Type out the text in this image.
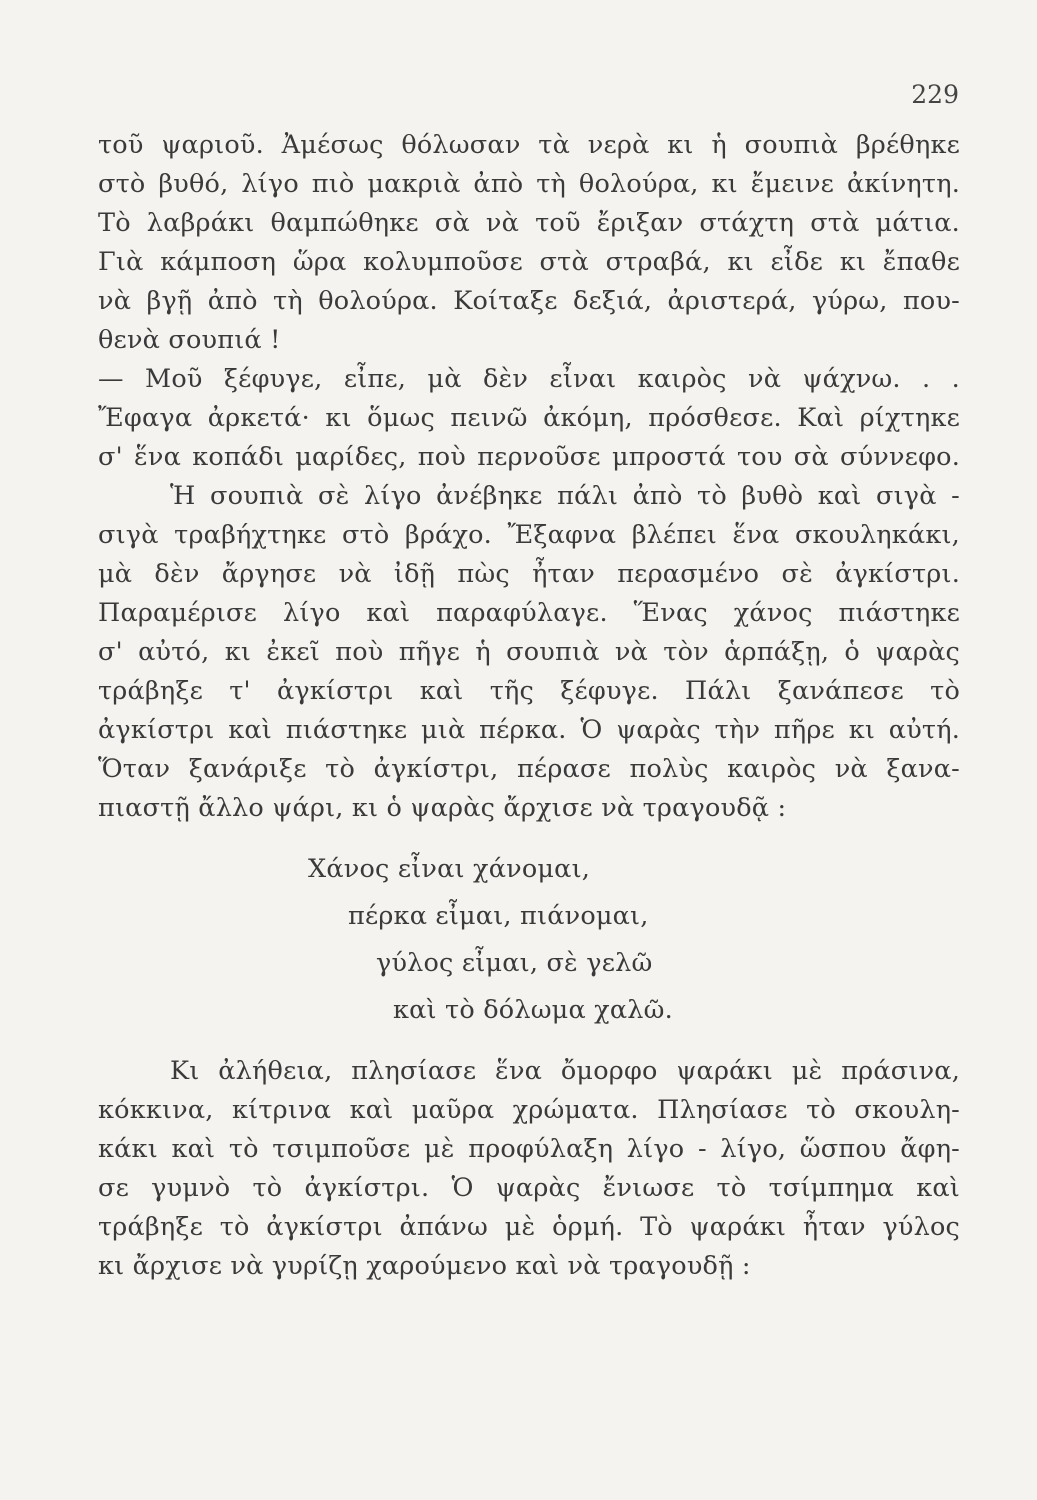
229
τοῦ ψαριοῦ. Ἀμέσως θόλωσαν τὰ νερὰ κι ἡ σουπιὰ βρέθηκε
στὸ βυθό, λίγο πιὸ μακριὰ ἀπὸ τὴ θολούρα, κι ἔμεινε ἀκίνητη.
Τὸ λαβράκι θαμπώθηκε σὰ νὰ τοῦ ἔριξαν στάχτη στὰ μάτια.
Γιὰ κάμποση ὥρα κολυμποῦσε στὰ στραβά, κι εἶδε κι ἔπαθε
νὰ βγῇ ἀπὸ τὴ θολούρα. Κοίταξε δεξιά, ἀριστερά, γύρω, που-
θενὰ σουπιά !
— Μοῦ ξέφυγε, εἶπε, μὰ δὲν εἶναι καιρὸς νὰ ψάχνω. . .
Ἔφαγα ἀρκετά· κι ὅμως πεινῶ ἀκόμη, πρόσθεσε. Καὶ ρίχτηκε
σ' ἕνα κοπάδι μαρίδες, ποὺ περνοῦσε μπροστά του σὰ σύννεφο.
Ἡ σουπιὰ σὲ λίγο ἀνέβηκε πάλι ἀπὸ τὸ βυθὸ καὶ σιγὰ -
σιγὰ τραβήχτηκε στὸ βράχο. Ἔξαφνα βλέπει ἕνα σκουληκάκι,
μὰ δὲν ἄργησε νὰ ἰδῇ πὼς ἦταν περασμένο σὲ ἀγκίστρι.
Παραμέρισε λίγο καὶ παραφύλαγε. Ἕνας χάνος πιάστηκε
σ' αὐτό, κι ἐκεῖ ποὺ πῆγε ἡ σουπιὰ νὰ τὸν ἁρπάξῃ, ὁ ψαρὰς
τράβηξε τ' ἀγκίστρι καὶ τῆς ξέφυγε. Πάλι ξανάπεσε τὸ
ἀγκίστρι καὶ πιάστηκε μιὰ πέρκα. Ὁ ψαρὰς τὴν πῆρε κι αὐτή.
Ὅταν ξανάριξε τὸ ἀγκίστρι, πέρασε πολὺς καιρὸς νὰ ξανα-
πιαστῇ ἄλλο ψάρι, κι ὁ ψαρὰς ἄρχισε νὰ τραγουδᾷ :
Χάνος εἶναι χάνομαι,
πέρκα εἶμαι, πιάνομαι,
γύλος εἶμαι, σὲ γελῶ
καὶ τὸ δόλωμα χαλῶ.
Κι ἀλήθεια, πλησίασε ἕνα ὄμορφο ψαράκι μὲ πράσινα,
κόκκινα, κίτρινα καὶ μαῦρα χρώματα. Πλησίασε τὸ σκουλη-
κάκι καὶ τὸ τσιμποῦσε μὲ προφύλαξη λίγο - λίγο, ὥσπου ἄφη-
σε γυμνὸ τὸ ἀγκίστρι. Ὁ ψαρὰς ἔνιωσε τὸ τσίμπημα καὶ
τράβηξε τὸ ἀγκίστρι ἀπάνω μὲ ὁρμή. Τὸ ψαράκι ἦταν γύλος
κι ἄρχισε νὰ γυρίζῃ χαρούμενο καὶ νὰ τραγουδῇ :
